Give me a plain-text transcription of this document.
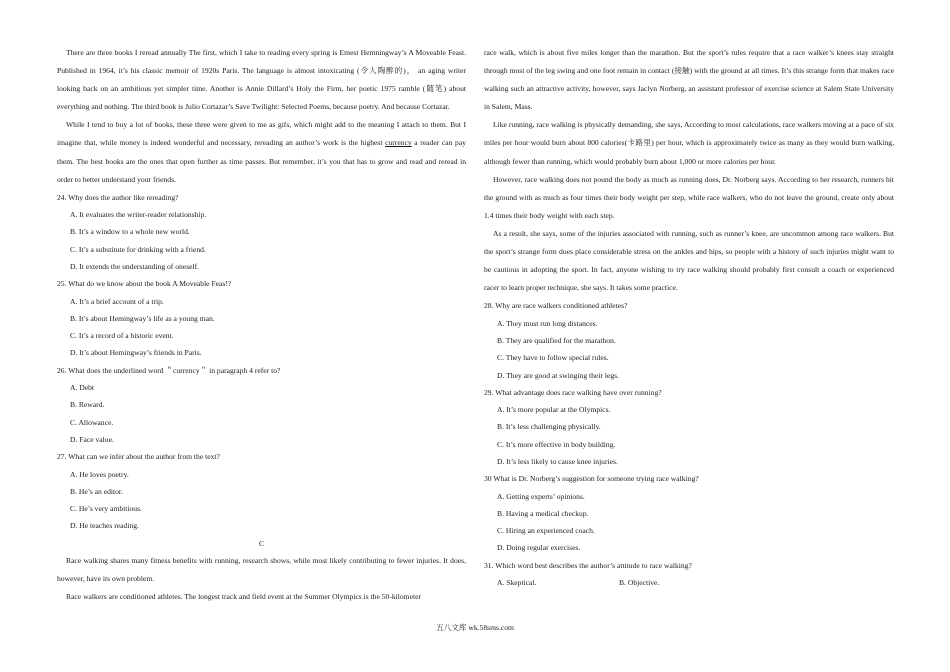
There are three books I reread annually The first, which I take to reading every spring is Emest Hemningway’s A Moveable Feast. Published in 1964, it’s his classic memoir of 1920s Paris. The language is almost intoxicating (令人陶醉的)， an aging writer looking back on an ambitious yet simpler time. Another is Annie Dillard’s Holy the Firm, her poetic 1975 ramble (随笔) about everything and nothing. The third book is Julio Cortazar’s Save Twilight: Selected Poems, because poetry. And because Cortazar.

While I tend to buy a lot of books, these three were given to me as gifs, which might add to the meaning I attach to them. But I imagine that, while money is indeed wonderful and necessary, rereading an author’s work is the highest currency a reader can pay them. The best books are the ones that open further as time passes. But remember, it’s you that has to grow and read and reread in order to better understand your friends.

24. Why does the author like rereading?

A. It evaluates the writer-reader relationship.

B. It’s a window to a whole new world.

C. It’s a substitute for drinking with a friend.

D. It extends the understanding of oneself.

25. What do we know about the book A Moveable Feas!?

A. It’s a brief account of a trip.

B. It’s about Hemingway’s life as a young man.

C. It’s a record of a historic event.

D. It’s about Hemingway’s friends in Paris.

26. What does the underlined word ＂currency＂ in paragraph 4 refer to?

A. Debt

B. Reward.

C. Allowance.

D. Face value.

27. What can we infer about the author from the text?

A. He loves poetry.

B. He’s an editor.

C. He’s very ambitious.

D. He teaches reading.

C

Race walking shares many fitness benefits with running, research shows, while most likely contributing to fewer injuries. It does, however, have its own problem.

Race walkers are conditioned athletes. The longest track and field event at the Summer Olympics is the 50-kilometer

race walk, which is about five miles longer than the marathon. But the sport’s rules require that a race walker’s knees stay straight through most of the leg swing and one foot remain in contact (接触) with the ground at all times. It’s this strange form that makes race walking such an attractive activity, however, says Jaclyn Norberg, an assistant professor of exercise science at Salem State University in Salem, Mass.

Like running, race walking is physically demanding, she says, According to most calculations, race walkers moving at a pace of six miles per hour would burn about 800 calories(卡路里) per hour, which is approximately twice as many as they would burn walking, although fewer than running, which would probably burn about 1,000 or more calories per hour.

However, race walking does not pound the body as much as running does, Dr. Norberg says. According to her research, runners hit the ground with as much as four times their body weight per step, while race walkers, who do not leave the ground, create only about 1.4 times their body weight with each step.

As a result, she says, some of the injuries associated with running, such as runner’s knee, are uncommon among race walkers. But the sport’s strange form does place considerable stress on the ankles and hips, so people with a history of such injuries might want to be cautious in adopting the sport. In fact, anyone wishing to try race walking should probably first consult a coach or experienced racer to learn proper technique, she says. It takes some practice.

28. Why are race walkers conditioned athletes?

A. They must run long distances.

B. They are qualified for the marathon.

C. They have to follow special rules.

D. They are good at swinging their legs.

29. What advantage does race walking have over running?

A. It’s more popular at the Olympics.

B. It’s less challenging physically.

C. It’s more effective in body building.

D. It’s less likely to cause knee injuries.

30 What is Dr. Norberg’s suggestion for someone trying race walking?

A. Getting experts’ opinions.

B. Having a medical checkup.

C. Hiring an experienced coach.

D. Doing regular exercises.

31. Which word best describes the author’s attitude to race walking?

A. Skeptical.	B. Objective.
五八文库 wk.58sms.com
